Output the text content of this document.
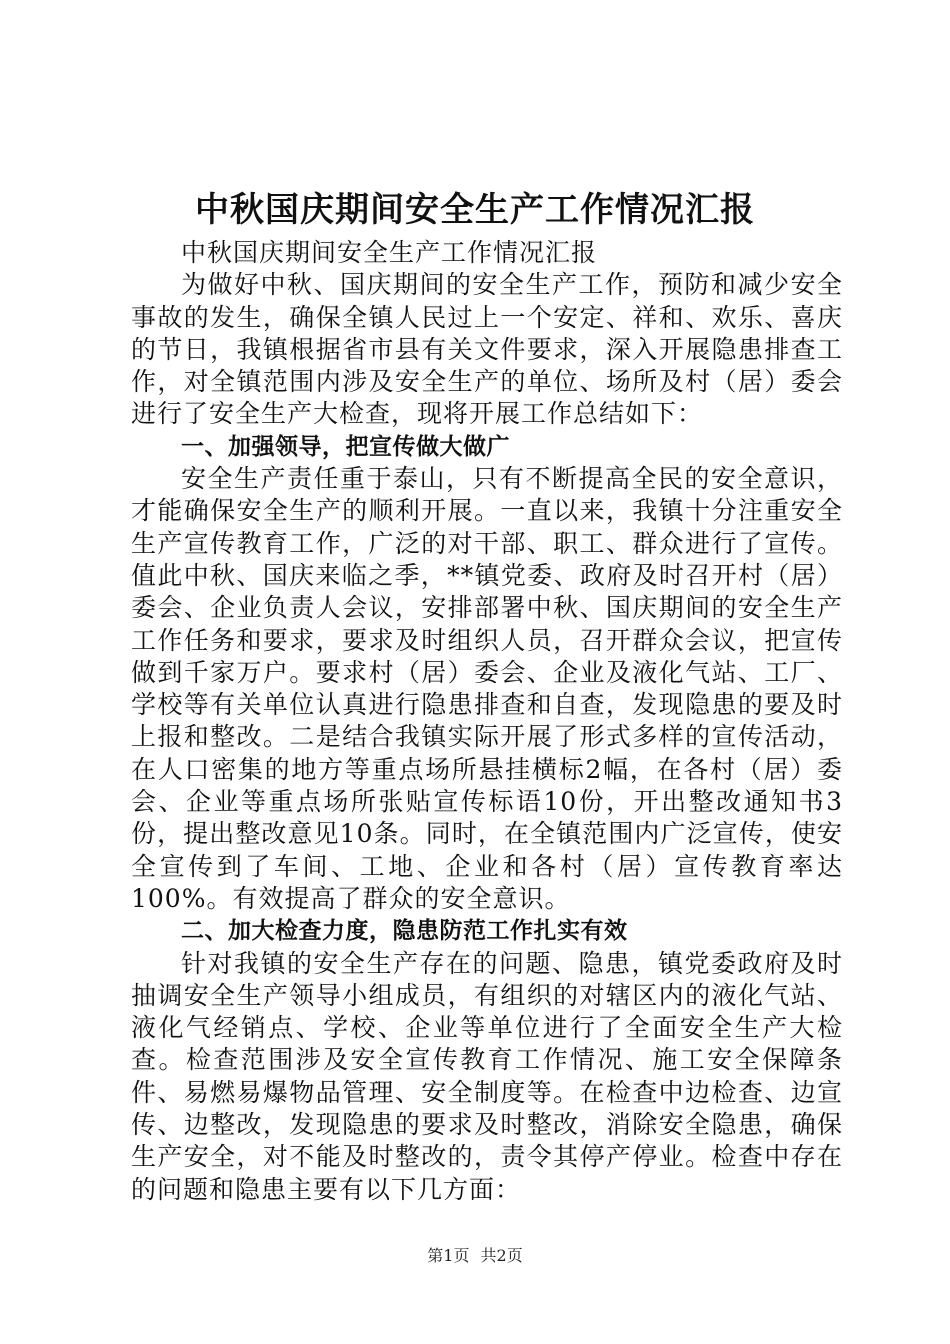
中秋国庆期间安全生产工作情况汇报

中秋国庆期间安全生产工作情况汇报

为做好中秋、国庆期间的安全生产工作，预防和减少安全事故的发生，确保全镇人民过上一个安定、祥和、欢乐、喜庆的节日，我镇根据省市县有关文件要求，深入开展隐患排查工作，对全镇范围内涉及安全生产的单位、场所及村（居）委会进行了安全生产大检查，现将开展工作总结如下：

一、加强领导，把宣传做大做广

安全生产责任重于泰山，只有不断提高全民的安全意识，才能确保安全生产的顺利开展。一直以来，我镇十分注重安全生产宣传教育工作，广泛的对干部、职工、群众进行了宣传。值此中秋、国庆来临之季，**镇党委、政府及时召开村（居）委会、企业负责人会议，安排部署中秋、国庆期间的安全生产工作任务和要求，要求及时组织人员，召开群众会议，把宣传做到千家万户。要求村（居）委会、企业及液化气站、工厂、学校等有关单位认真进行隐患排查和自查，发现隐患的要及时上报和整改。二是结合我镇实际开展了形式多样的宣传活动，在人口密集的地方等重点场所悬挂横标2幅，在各村（居）委会、企业等重点场所张贴宣传标语10份，开出整改通知书3份，提出整改意见10条。同时，在全镇范围内广泛宣传，使安全宣传到了车间、工地、企业和各村（居）宣传教育率达100%。有效提高了群众的安全意识。

二、加大检查力度，隐患防范工作扎实有效

针对我镇的安全生产存在的问题、隐患，镇党委政府及时抽调安全生产领导小组成员，有组织的对辖区内的液化气站、液化气经销点、学校、企业等单位进行了全面安全生产大检查。检查范围涉及安全宣传教育工作情况、施工安全保障条件、易燃易爆物品管理、安全制度等。在检查中边检查、边宣传、边整改，发现隐患的要求及时整改，消除安全隐患，确保生产安全，对不能及时整改的，责令其停产停业。检查中存在的问题和隐患主要有以下几方面：

第1页 共2页
